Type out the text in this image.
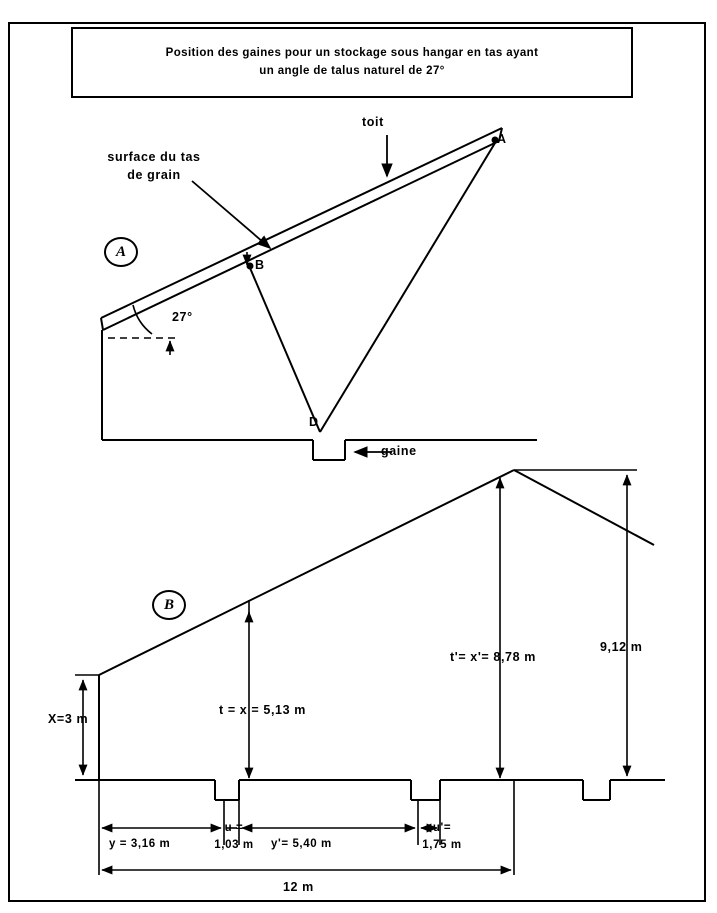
Position des gaines pour un stockage sous hangar en tas ayant
un angle de talus naturel de 27°
A
B
toit
surface du tas
de grain
27°
A
B
D
gaine
X=3 m
t = x = 5,13 m
t'= x'= 8,78 m
9,12 m
y = 3,16 m
u =
1,03 m	y'= 5,40 m
u'=
1,75 m
12 m
